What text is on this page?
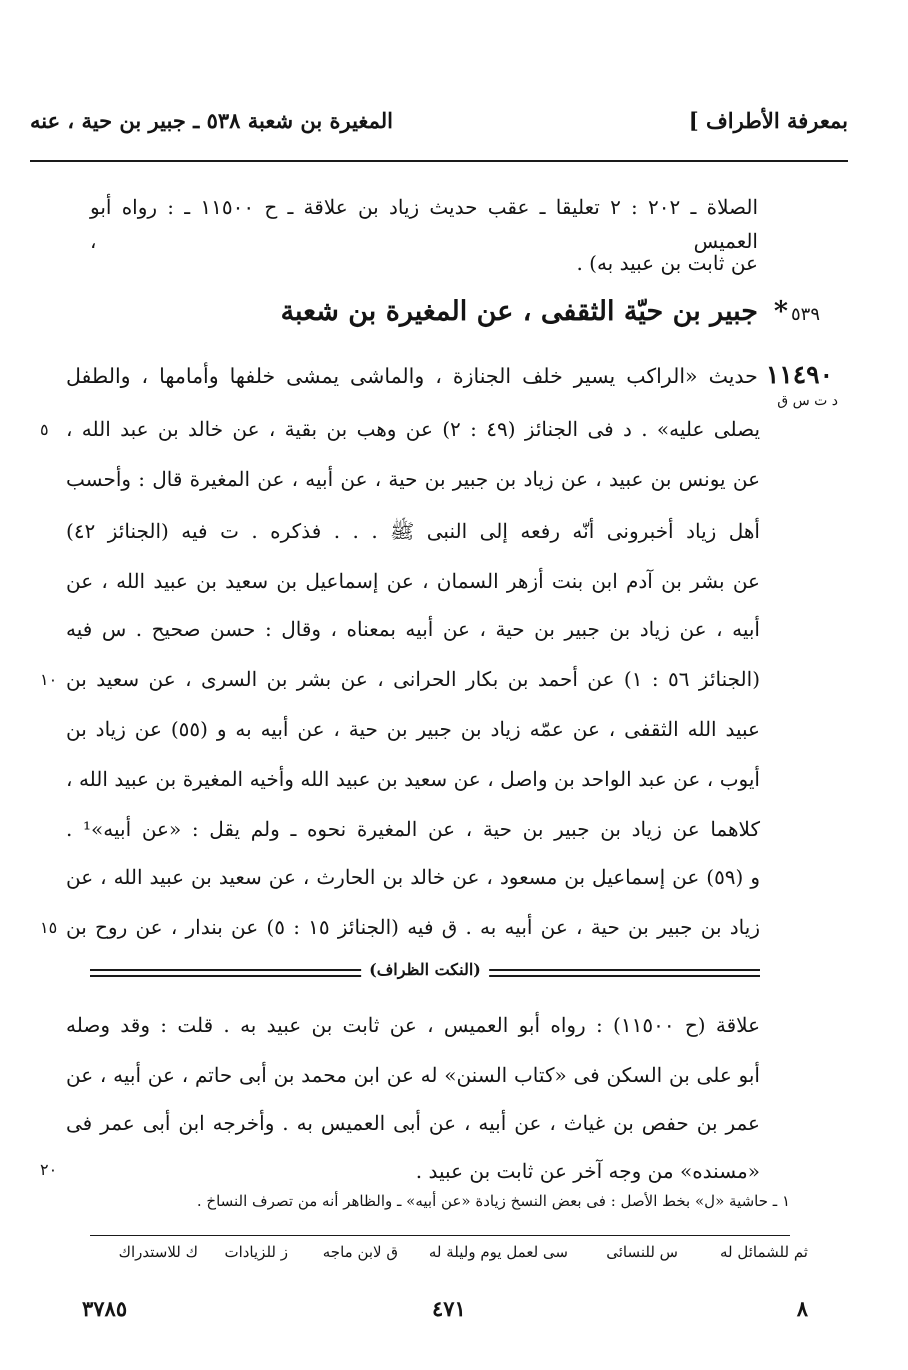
بمعرفة الأطراف ]
المغيرة بن شعبة ٥٣٨ ـ جبير بن حية ، عنه
الصلاة ـ ٢٠٢ : ٢ تعليقا ـ عقب حديث زياد بن علاقة ـ ح ١١٥٠٠ ـ : رواه أبو العميس ،
عن ثابت بن عبيد به) .
٥٣٩
*
جبير بن حيّة الثقفى ، عن المغيرة بن شعبة
١١٤٩٠حديث «الراكب يسير خلف الجنازة ، والماشى يمشى خلفها وأمامها ، والطفل
د ت س ق
يصلى عليه» . د فى الجنائز (٤٩ : ٢) عن وهب بن بقية ، عن خالد بن عبد الله ،
عن يونس بن عبيد ، عن زياد بن جبير بن حية ، عن أبيه ، عن المغيرة قال : وأحسب
أهل زياد أخبرونى أنّه رفعه إلى النبى ﷺ . . . فذكره . ت فيه (الجنائز ٤٢)
عن بشر بن آدم ابن بنت أزهر السمان ، عن إسماعيل بن سعيد بن عبيد الله ، عن
أبيه ، عن زياد بن جبير بن حية ، عن أبيه بمعناه ، وقال : حسن صحيح . س فيه
(الجنائز ٥٦ : ١) عن أحمد بن بكار الحرانى ، عن بشر بن السرى ، عن سعيد بن
عبيد الله الثقفى ، عن عمّه زياد بن جبير بن حية ، عن أبيه به و (٥٥) عن زياد بن
أيوب ، عن عبد الواحد بن واصل ، عن سعيد بن عبيد الله وأخيه المغيرة بن عبيد الله ،
كلاهما عن زياد بن جبير بن حية ، عن المغيرة نحوه ـ ولم يقل : «عن أبيه»¹ .
و (٥٩) عن إسماعيل بن مسعود ، عن خالد بن الحارث ، عن سعيد بن عبيد الله ، عن
زياد بن جبير بن حية ، عن أبيه به . ق فيه (الجنائز ١٥ : ٥) عن بندار ، عن روح بن
٥
١٠
١٥
٢٠
(النكت الظراف)
علاقة (ح ١١٥٠٠) : رواه أبو العميس ، عن ثابت بن عبيد به . قلت : وقد وصله
أبو على بن السكن فى «كتاب السنن» له عن ابن محمد بن أبى حاتم ، عن أبيه ، عن
عمر بن حفص بن غياث ، عن أبيه ، عن أبى العميس به . وأخرجه ابن أبى عمر فى
«مسنده» من وجه آخر عن ثابت بن عبيد .
١ ـ حاشية «ل» بخط الأصل : فى بعض النسخ زيادة «عن أبيه» ـ والظاهر أنه من تصرف النساخ .
ثم للشمائل له
س للنسائى
سى لعمل يوم وليلة له
ق لابن ماجه
ز للزيادات
ك للاستدراك
٨
٤٧١
٣٧٨٥
